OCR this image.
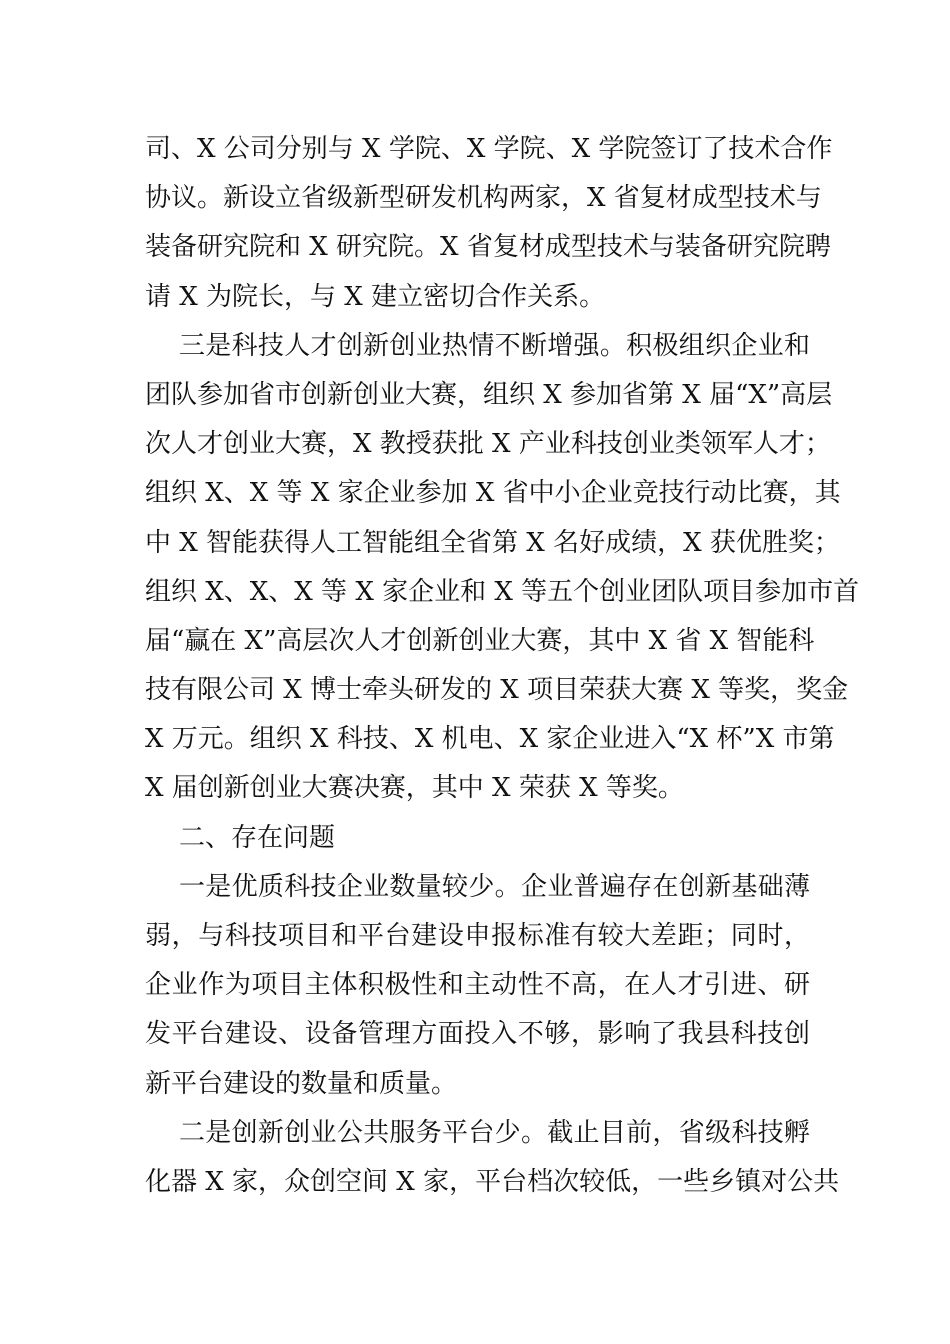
司、X 公司分别与 X 学院、X 学院、X 学院签订了技术合作
协议。新设立省级新型研发机构两家，X 省复材成型技术与
装备研究院和 X 研究院。X 省复材成型技术与装备研究院聘
请 X 为院长，与 X 建立密切合作关系。
三是科技人才创新创业热情不断增强。积极组织企业和
团队参加省市创新创业大赛，组织 X 参加省第 X 届“X”高层
次人才创业大赛，X 教授获批 X 产业科技创业类领军人才；
组织 X、X 等 X 家企业参加 X 省中小企业竞技行动比赛，其
中 X 智能获得人工智能组全省第 X 名好成绩，X 获优胜奖；
组织 X、X、X 等 X 家企业和 X 等五个创业团队项目参加市首
届“赢在 X”高层次人才创新创业大赛，其中 X 省 X 智能科
技有限公司 X 博士牵头研发的 X 项目荣获大赛 X 等奖，奖金
X 万元。组织 X 科技、X 机电、X 家企业进入“X 杯”X 市第
X 届创新创业大赛决赛，其中 X 荣获 X 等奖。
二、存在问题
一是优质科技企业数量较少。企业普遍存在创新基础薄
弱，与科技项目和平台建设申报标准有较大差距；同时，
企业作为项目主体积极性和主动性不高，在人才引进、研
发平台建设、设备管理方面投入不够，影响了我县科技创
新平台建设的数量和质量。
二是创新创业公共服务平台少。截止目前，省级科技孵
化器 X 家，众创空间 X 家，平台档次较低，一些乡镇对公共
